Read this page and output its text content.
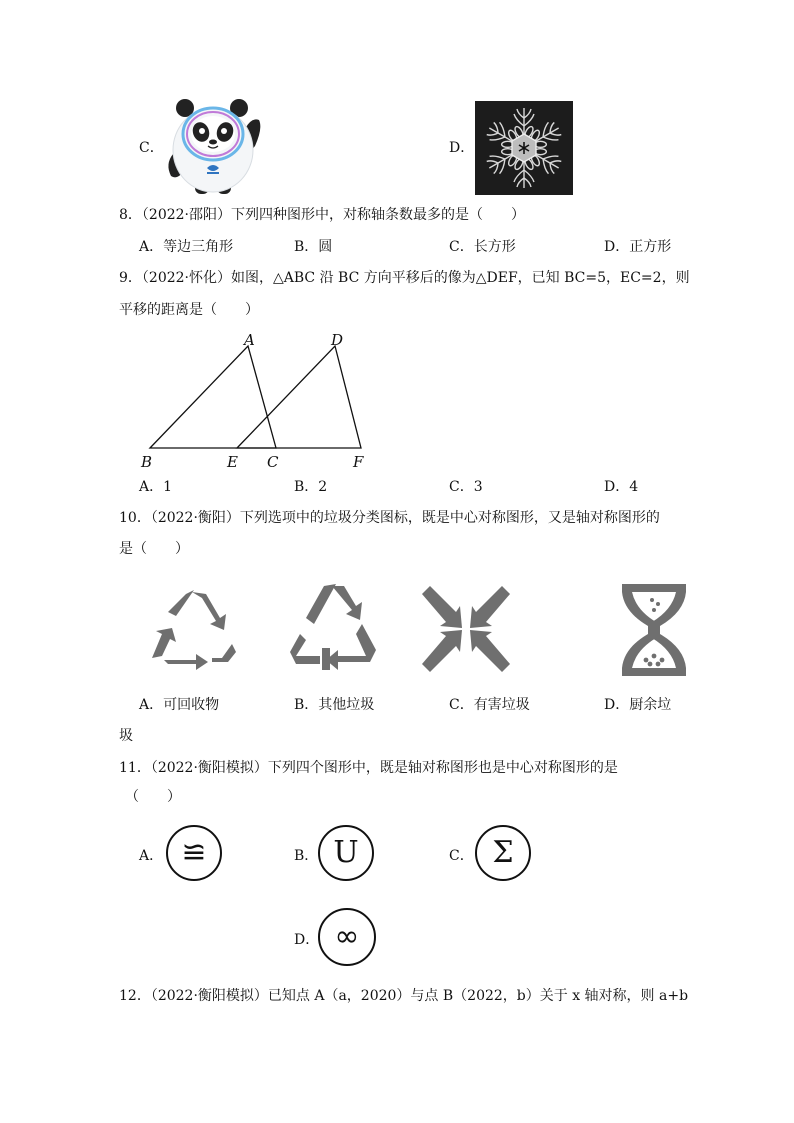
C．	D．
8．（2022·邵阳）下列四种图形中，对称轴条数最多的是（　　）
A．等边三角形	B．圆	C．长方形	D．正方形
9．（2022·怀化）如图，△ABC 沿 BC 方向平移后的像为△DEF，已知 BC=5，EC=2，则
平移的距离是（　　）
A	D
B	E C	F
A．1	B．2	C．3	D．4
10．（2022·衡阳）下列选项中的垃圾分类图标，既是中心对称图形，又是轴对称图形的
是（　　）
A．可回收物	B．其他垃圾	C．有害垃圾	D．厨余垃
圾
11．（2022·衡阳模拟）下列四个图形中，既是轴对称图形也是中心对称图形的是
（　　）
A． ≌	B． U	C． Σ
D． ∞
12．（2022·衡阳模拟）已知点 A（a，2020）与点 B（2022，b）关于 x 轴对称，则 a+b
